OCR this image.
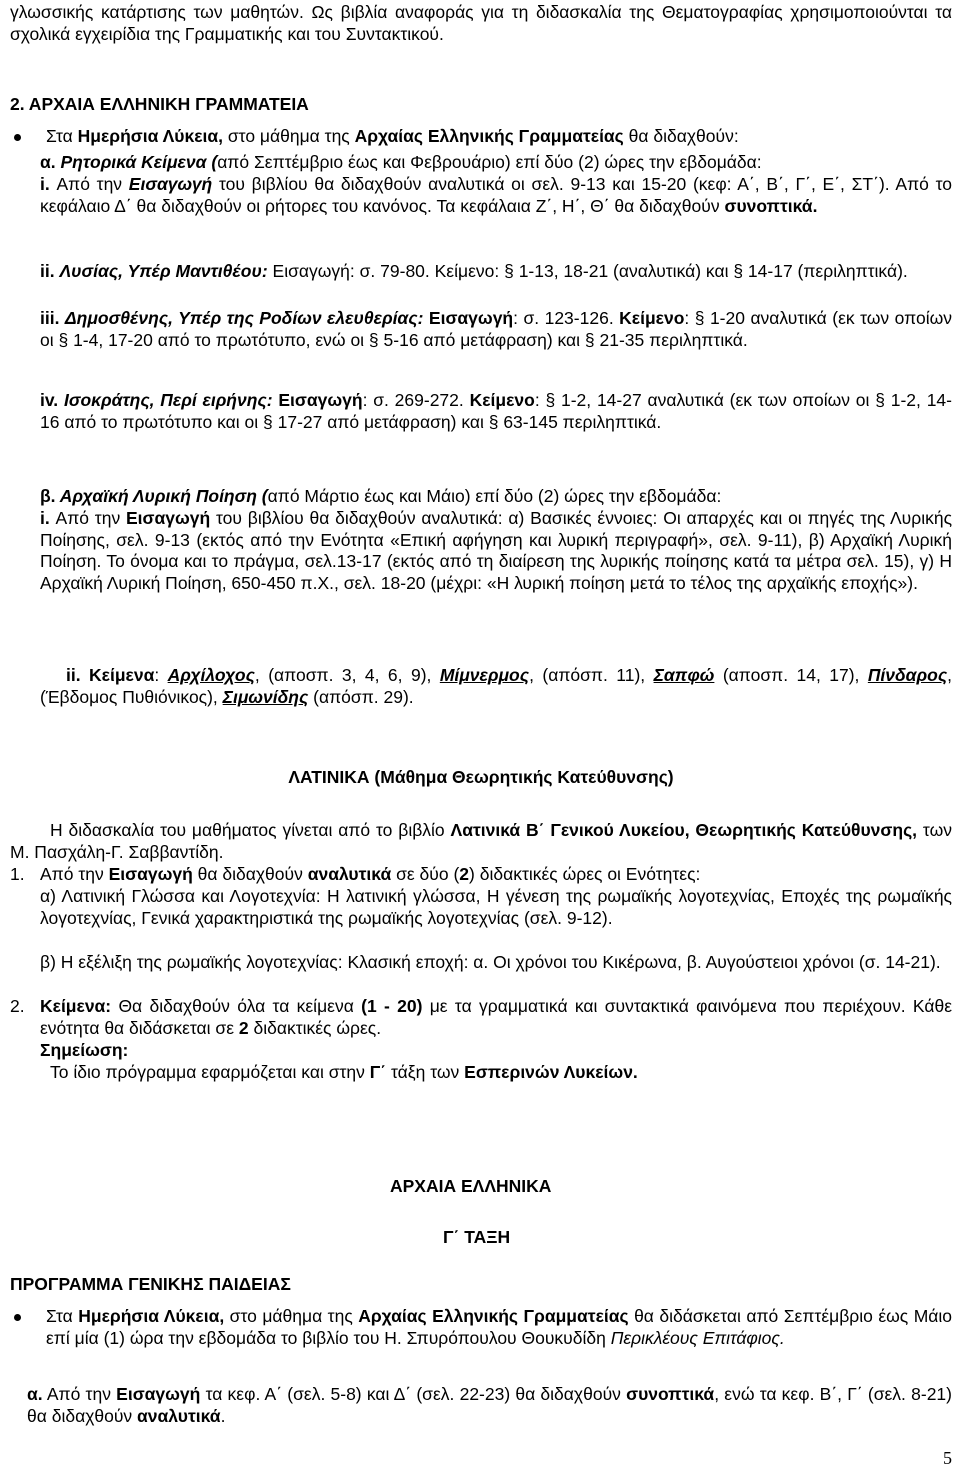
γλωσσικής κατάρτισης των μαθητών. Ως βιβλία αναφοράς για τη διδασκαλία της Θεματογραφίας χρησιμοποιούνται τα σχολικά εγχειρίδια της Γραμματικής και του Συντακτικού.

2. ΑΡΧΑΙΑ ΕΛΛΗΝΙΚΗ ΓΡΑΜΜΑΤΕΙΑ

Στα Ημερήσια Λύκεια, στο μάθημα της Αρχαίας Ελληνικής Γραμματείας θα διδαχθούν:

α. Ρητορικά Κείμενα (από Σεπτέμβριο έως και Φεβρουάριο) επί δύο (2) ώρες την εβδομάδα:

i. Από την Εισαγωγή του βιβλίου θα διδαχθούν αναλυτικά οι σελ. 9-13 και 15-20 (κεφ: Α΄, Β΄, Γ΄, Ε΄, ΣΤ΄). Από το κεφάλαιο Δ΄ θα διδαχθούν οι ρήτορες του κανόνος. Τα κεφάλαια Ζ΄, Η΄, Θ΄ θα διδαχθούν συνοπτικά.

ii. Λυσίας, Υπέρ Μαντιθέου: Εισαγωγή: σ. 79-80. Κείμενο: § 1-13, 18-21 (αναλυτικά) και § 14-17 (περιληπτικά).

iii. Δημοσθένης, Υπέρ της Ροδίων ελευθερίας: Εισαγωγή: σ. 123-126. Κείμενο: § 1-20 αναλυτικά (εκ των οποίων οι § 1-4, 17-20 από το πρωτότυπο, ενώ οι § 5-16 από μετάφραση) και § 21-35 περιληπτικά.

iv. Ισοκράτης, Περί ειρήνης: Εισαγωγή: σ. 269-272. Κείμενο: § 1-2, 14-27 αναλυτικά (εκ των οποίων οι § 1-2, 14-16 από το πρωτότυπο και οι § 17-27 από μετάφραση) και § 63-145 περιληπτικά.

β. Αρχαϊκή Λυρική Ποίηση (από Μάρτιο έως και Μάιο) επί δύο (2) ώρες την εβδομάδα:

i. Από την Εισαγωγή του βιβλίου θα διδαχθούν αναλυτικά: α) Βασικές έννοιες: Οι απαρχές και οι πηγές της Λυρικής Ποίησης, σελ. 9-13 (εκτός από την Ενότητα «Επική αφήγηση και λυρική περιγραφή», σελ. 9-11), β) Αρχαϊκή Λυρική Ποίηση. Το όνομα και το πράγμα, σελ.13-17 (εκτός από τη διαίρεση της λυρικής ποίησης κατά τα μέτρα σελ. 15), γ) Η Αρχαϊκή Λυρική Ποίηση, 650-450 π.Χ., σελ. 18-20 (μέχρι: «Η λυρική ποίηση μετά το τέλος της αρχαϊκής εποχής»).

ii. Κείμενα: Αρχίλοχος, (αποσπ. 3, 4, 6, 9), Μίμνερμος, (απόσπ. 11), Σαπφώ (αποσπ. 14, 17), Πίνδαρος, (Έβδομος Πυθιόνικος), Σιμωνίδης (απόσπ. 29).

ΛΑΤΙΝΙΚΑ (Μάθημα Θεωρητικής Κατεύθυνσης)

Η διδασκαλία του μαθήματος γίνεται από το βιβλίο Λατινικά Β΄ Γενικού Λυκείου, Θεωρητικής Κατεύθυνσης, των Μ. Πασχάλη-Γ. Σαββαντίδη.

1. Από την Εισαγωγή θα διδαχθούν αναλυτικά σε δύο (2) διδακτικές ώρες οι Ενότητες:

α) Λατινική Γλώσσα και Λογοτεχνία: Η λατινική γλώσσα, Η γένεση της ρωμαϊκής λογοτεχνίας, Εποχές της ρωμαϊκής λογοτεχνίας, Γενικά χαρακτηριστικά της ρωμαϊκής λογοτεχνίας (σελ. 9-12).

β) Η εξέλιξη της ρωμαϊκής λογοτεχνίας: Κλασική εποχή: α. Οι χρόνοι του Κικέρωνα, β. Αυγούστειοι χρόνοι (σ. 14-21).

2. Κείμενα: Θα διδαχθούν όλα τα κείμενα (1 - 20) με τα γραμματικά και συντακτικά φαινόμενα που περιέχουν. Κάθε ενότητα θα διδάσκεται σε 2 διδακτικές ώρες.

Σημείωση:

Το ίδιο πρόγραμμα εφαρμόζεται και στην Γ΄ τάξη των Εσπερινών Λυκείων.

ΑΡΧΑΙΑ ΕΛΛΗΝΙΚΑ

Γ΄ ΤΑΞΗ

ΠΡΟΓΡΑΜΜΑ ΓΕΝΙΚΗΣ ΠΑΙΔΕΙΑΣ

Στα Ημερήσια Λύκεια, στο μάθημα της Αρχαίας Ελληνικής Γραμματείας θα διδάσκεται από Σεπτέμβριο έως Μάιο επί μία (1) ώρα την εβδομάδα το βιβλίο του Η. Σπυρόπουλου Θουκυδίδη Περικλέους Επιτάφιος.

α. Από την Εισαγωγή τα κεφ. Α΄ (σελ. 5-8) και Δ΄ (σελ. 22-23) θα διδαχθούν συνοπτικά, ενώ τα κεφ. Β΄, Γ΄ (σελ. 8-21) θα διδαχθούν αναλυτικά.

5
